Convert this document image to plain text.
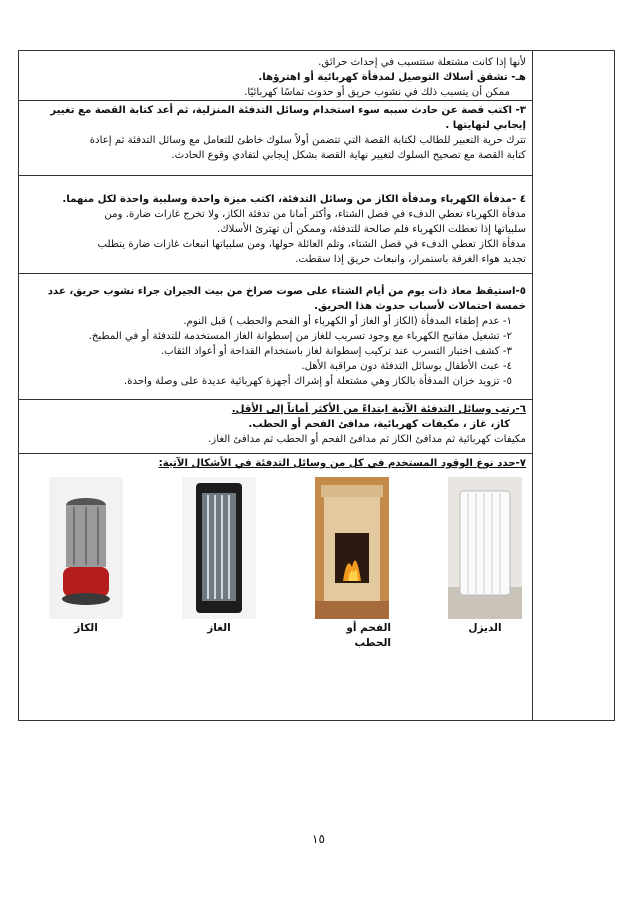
لأنها إذا كانت مشتعلة ستتسبب في إحداث حرائق.

هـ- تشقق أسلاك التوصيل لمدفأة كهربائية أو اهترؤها.

ممكن أن يتسبب ذلك في نشوب حريق أو حدوث تماسًا كهربائيًا.

٣- اكتب قصة عن حادث سببه سوء استخدام وسائل التدفئة المنزلية، ثم أعد كتابة القصة مع تغيير إيجابي لنهايتها .

تترك حرية التعبير للطالب لكتابة القصة التي تتضمن أولاً سلوك خاطئ للتعامل مع وسائل التدفئة ثم إعادة

كتابة القصة مع تصحيح السلوك لتغيير نهاية القصة بشكل إيجابي لتفادي وقوع الحادث.

٤ -مدفأة الكهرباء ومدفأة الكاز من وسائل التدفئة، اكتب ميزة واحدة وسلبية واحدة لكل منهما.

مدفأة الكهرباء تعطي الدفء في فصل الشتاء، وأكثر أمانا من تدفئة الكاز، ولا تخرج غازات ضارة. ومن

سلبياتها إذا تعطلت الكهرباء فلم صالحة للتدفئة، وممكن أن تهترئ الأسلاك.

مدفأة الكاز تعطي الدفء في فصل الشتاء، وتلم العائلة حولها، ومن سلبياتها انبعاث غازات ضارة يتطلب

تجديد هواء الغرفة باستمرار، وانبعاث حريق إذا سقطت.

٥-استيقظ معاذ ذات يوم من أيام الشتاء على صوت صراخ من بيت الجيران جراء نشوب حريق، عدد خمسة احتمالات لأسباب حدوث هذا الحريق.

١- عدم إطفاء المدفأة (الكاز أو الغاز أو الكهرباء أو الفحم والحطب ) قبل النوم.

٢- تشغيل مفاتيح الكهرباء مع وجود تسريب للغاز من إسطوانة الغاز المستخدمة للتدفئة أو في المطبخ.

٣- كشف اختبار التسرب عند تركيب إسطوانة لغاز باستخدام القداحة أو أعواد الثقاب.

٤- عبث الأطفال بوسائل التدفئة دون مراقبة الأهل.

٥- تزويد خزان المدفأة بالكاز وهي مشتعلة أو إشراك أجهزة كهربائية عديدة على وصلة واحدة.

٦-رتب وسائل التدفئة الآتية ابتداءً من الأكثر أماناً إلى الأقل.

كاز، غاز ، مكيفات كهربائية، مدافئ الفحم أو الحطب.

مكيفات كهربائية ثم مدافئ الكاز ثم مدافئ الفحم أو الحطب ثم مدافئ الغاز.

٧-حدد نوع الوقود المستخدم في كل من وسائل التدفئة في الأشكال الآتية:

الديزل
الفحم أو الحطب
الغاز
الكاز
١٥
